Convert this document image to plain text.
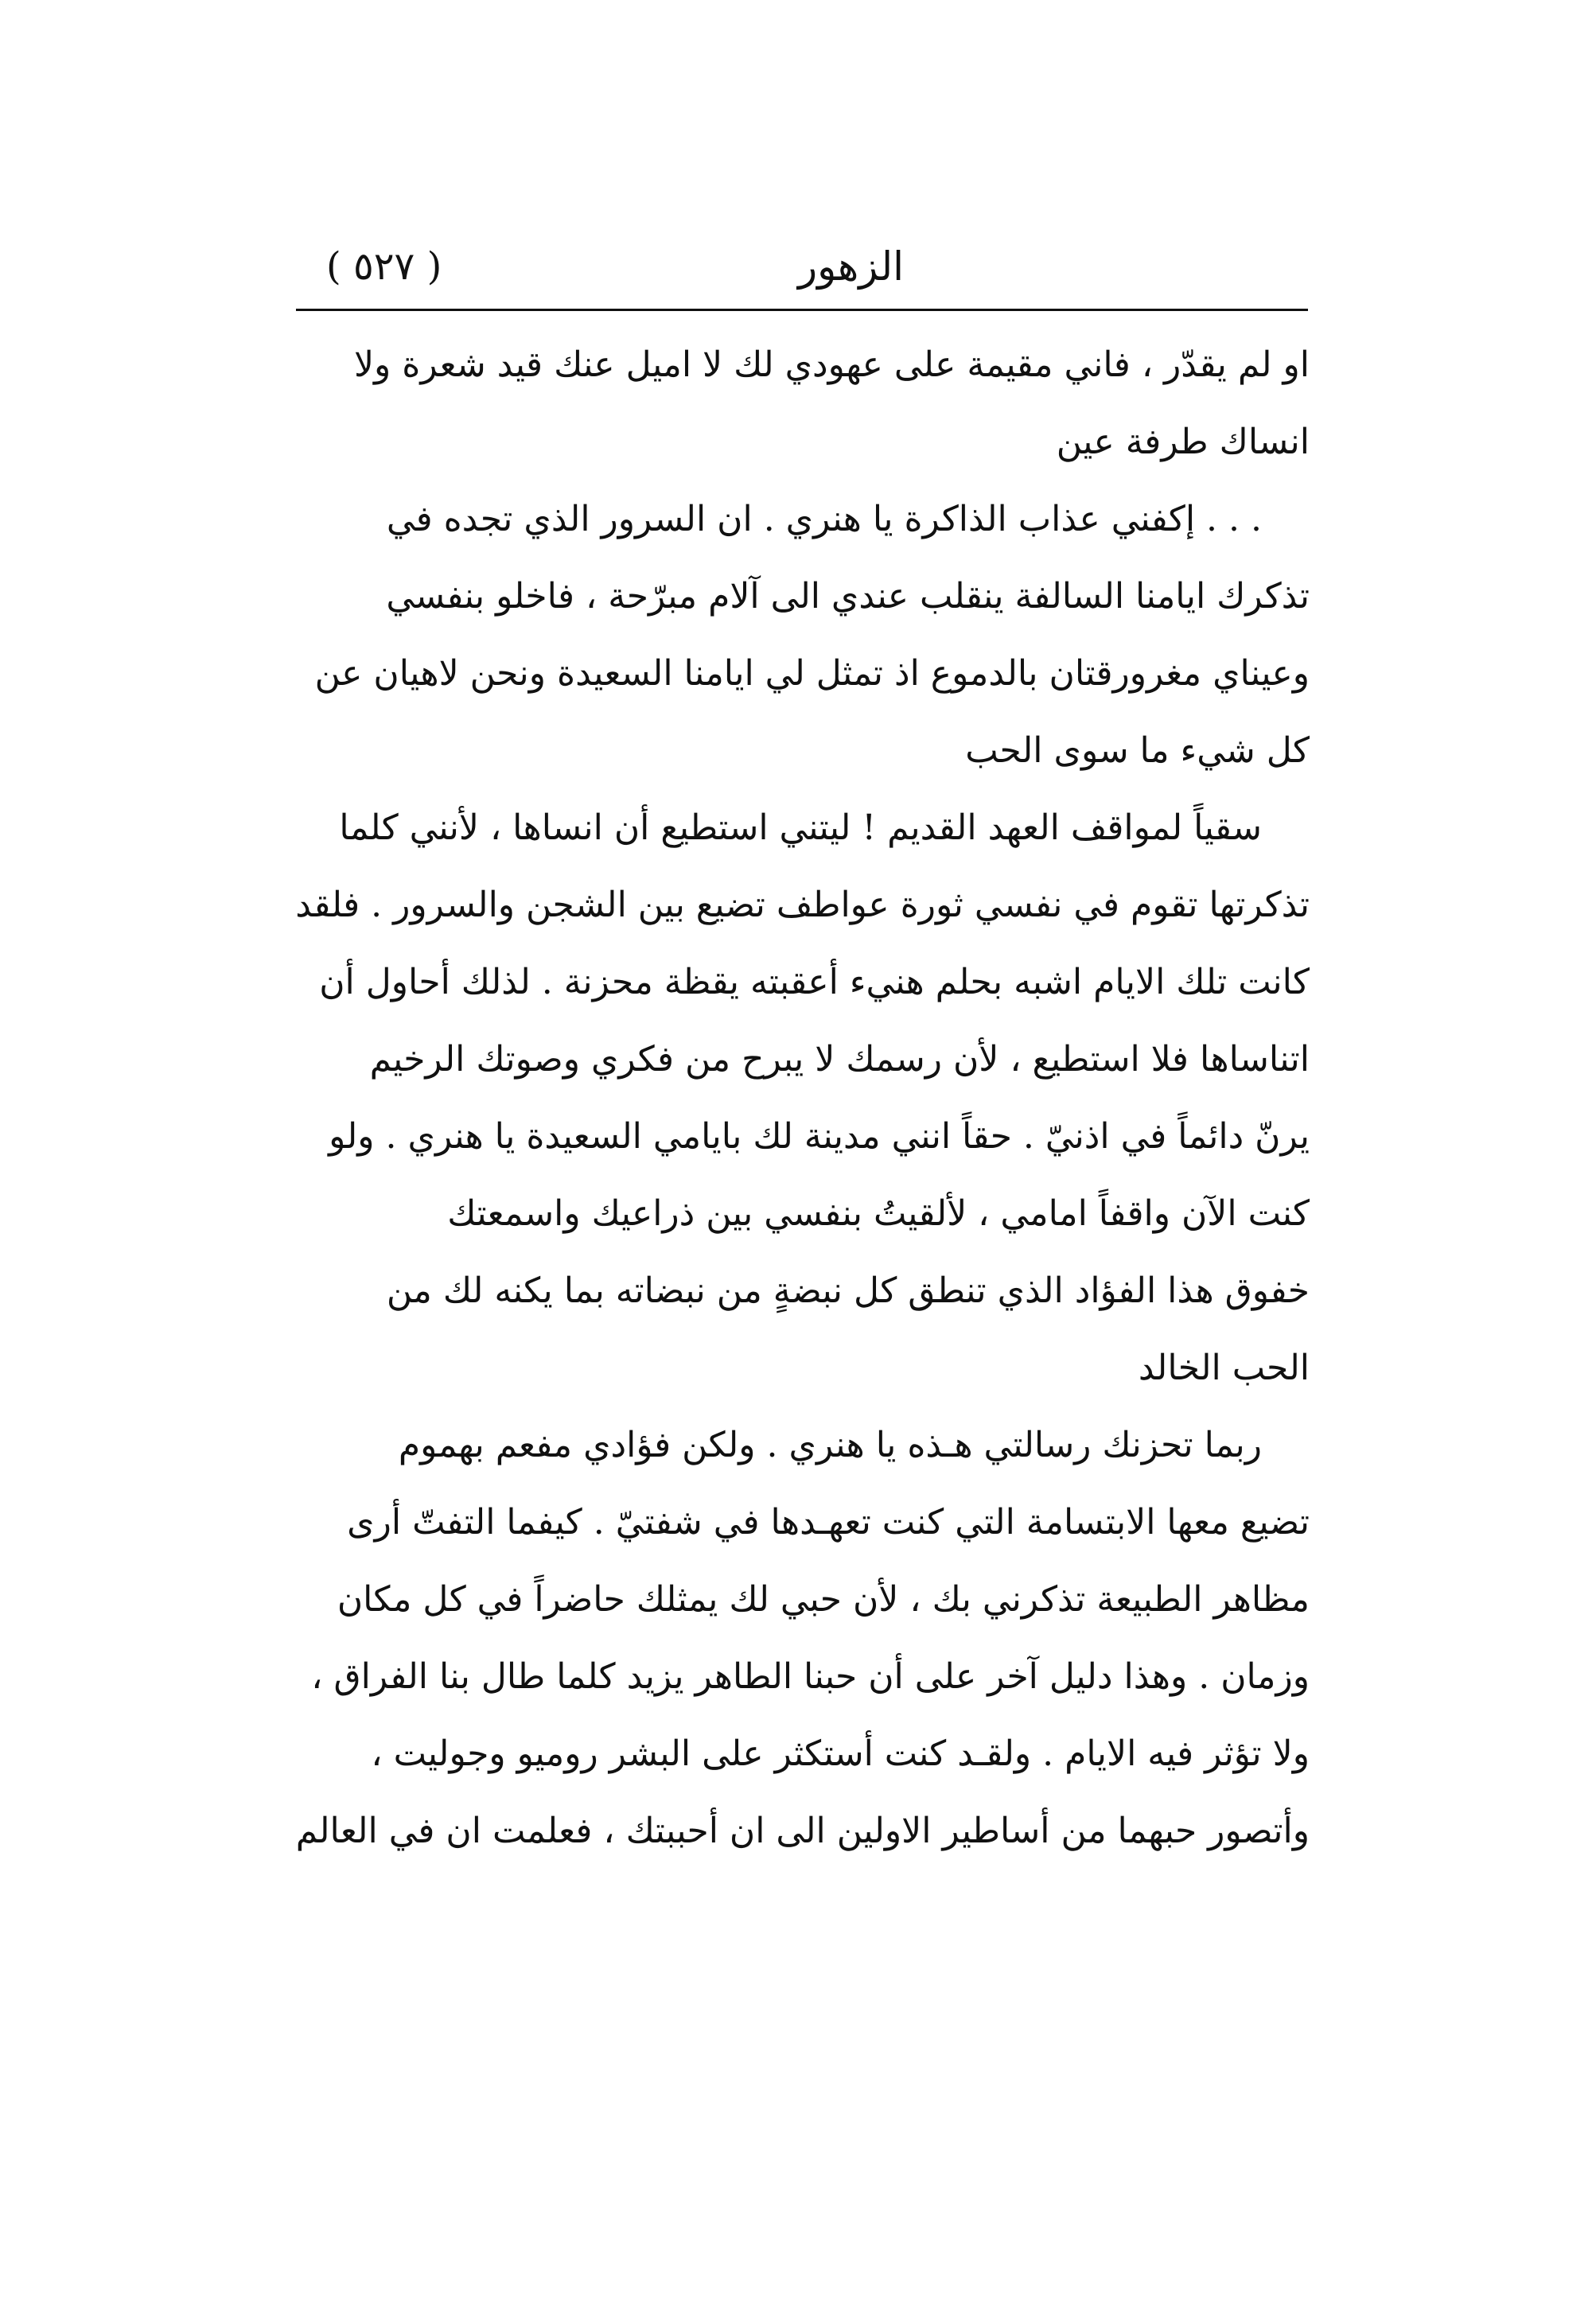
الزهور
( ٥٢٧ )
او لم يقدّر ، فاني مقيمة على عهودي لك لا اميل عنك قيد شعرة ولا
انساك طرفة عين
. . . إكفني عذاب الذاكرة يا هنري . ان السرور الذي تجده في
تذكرك ايامنا السالفة ينقلب عندي الى آلام مبرّحة ، فاخلو بنفسي
وعيناي مغرورقتان بالدموع اذ تمثل لي ايامنا السعيدة ونحن لاهيان عن
كل شيء ما سوى الحب
سقياً لمواقف العهد القديم ! ليتني استطيع أن انساها ، لأنني كلما
تذكرتها تقوم في نفسي ثورة عواطف تضيع بين الشجن والسرور . فلقد
كانت تلك الايام اشبه بحلم هنيء أعقبته يقظة محزنة . لذلك أحاول أن
اتناساها فلا استطيع ، لأن رسمك لا يبرح من فكري وصوتك الرخيم
يرنّ دائماً في اذنيّ . حقاً انني مدينة لك بايامي السعيدة يا هنري . ولو
كنت الآن واقفاً امامي ، لألقيتُ بنفسي بين ذراعيك واسمعتك
خفوق هذا الفؤاد الذي تنطق كل نبضةٍ من نبضاته بما يكنه لك من
الحب الخالد
ربما تحزنك رسالتي هـذه يا هنري . ولكن فؤادي مفعم بهموم
تضيع معها الابتسامة التي كنت تعهـدها في شفتيّ . كيفما التفتّ أرى
مظاهر الطبيعة تذكرني بك ، لأن حبي لك يمثلك حاضراً في كل مكان
وزمان . وهذا دليل آخر على أن حبنا الطاهر يزيد كلما طال بنا الفراق ،
ولا تؤثر فيه الايام . ولقـد كنت أستكثر على البشر روميو وجوليت ،
وأتصور حبهما من أساطير الاولين الى ان أحببتك ، فعلمت ان في العالم
